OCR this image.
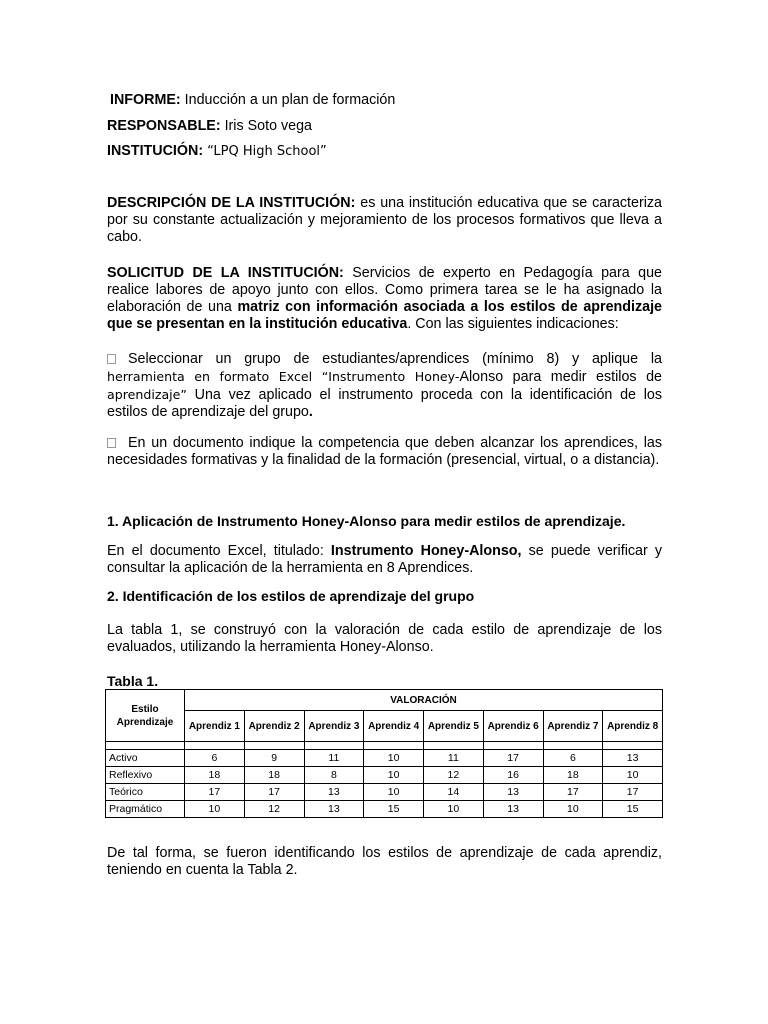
INFORME: Inducción a un plan de formación

RESPONSABLE: Iris Soto vega

INSTITUCIÓN: “LPQ High School”

DESCRIPCIÓN DE LA INSTITUCIÓN: es una institución educativa que se caracteriza por su constante actualización y mejoramiento de los procesos formativos que lleva a cabo.

SOLICITUD DE LA INSTITUCIÓN: Servicios de experto en Pedagogía para que realice labores de apoyo junto con ellos. Como primera tarea se le ha asignado la elaboración de una matriz con información asociada a los estilos de aprendizaje que se presentan en la institución educativa. Con las siguientes indicaciones:

Seleccionar un grupo de estudiantes/aprendices (mínimo 8) y aplique la herramienta en formato Excel “Instrumento Honey-Alonso para medir estilos de aprendizaje” Una vez aplicado el instrumento proceda con la identificación de los estilos de aprendizaje del grupo.

En un documento indique la competencia que deben alcanzar los aprendices, las necesidades formativas y la finalidad de la formación (presencial, virtual, o a distancia).

1. Aplicación de Instrumento Honey-Alonso para medir estilos de aprendizaje.

En el documento Excel, titulado: Instrumento Honey-Alonso, se puede verificar y consultar la aplicación de la herramienta en 8 Aprendices.

2. Identificación de los estilos de aprendizaje del grupo

La tabla 1, se construyó con la valoración de cada estilo de aprendizaje de los evaluados, utilizando la herramienta Honey-Alonso.

Tabla 1.

Estilo
Aprendizaje	VALORACIÓN							
	Aprendiz 1	Aprendiz 2	Aprendiz 3	Aprendiz 4	Aprendiz 5	Aprendiz 6	Aprendiz 7	Aprendiz 8

Activo	6	9	11	10	11	17	6	13
Reflexivo	18	18	8	10	12	16	18	10
Teórico	17	17	13	10	14	13	17	17
Pragmático	10	12	13	15	10	13	10	15

De tal forma, se fueron identificando los estilos de aprendizaje de cada aprendiz, teniendo en cuenta la Tabla 2.
